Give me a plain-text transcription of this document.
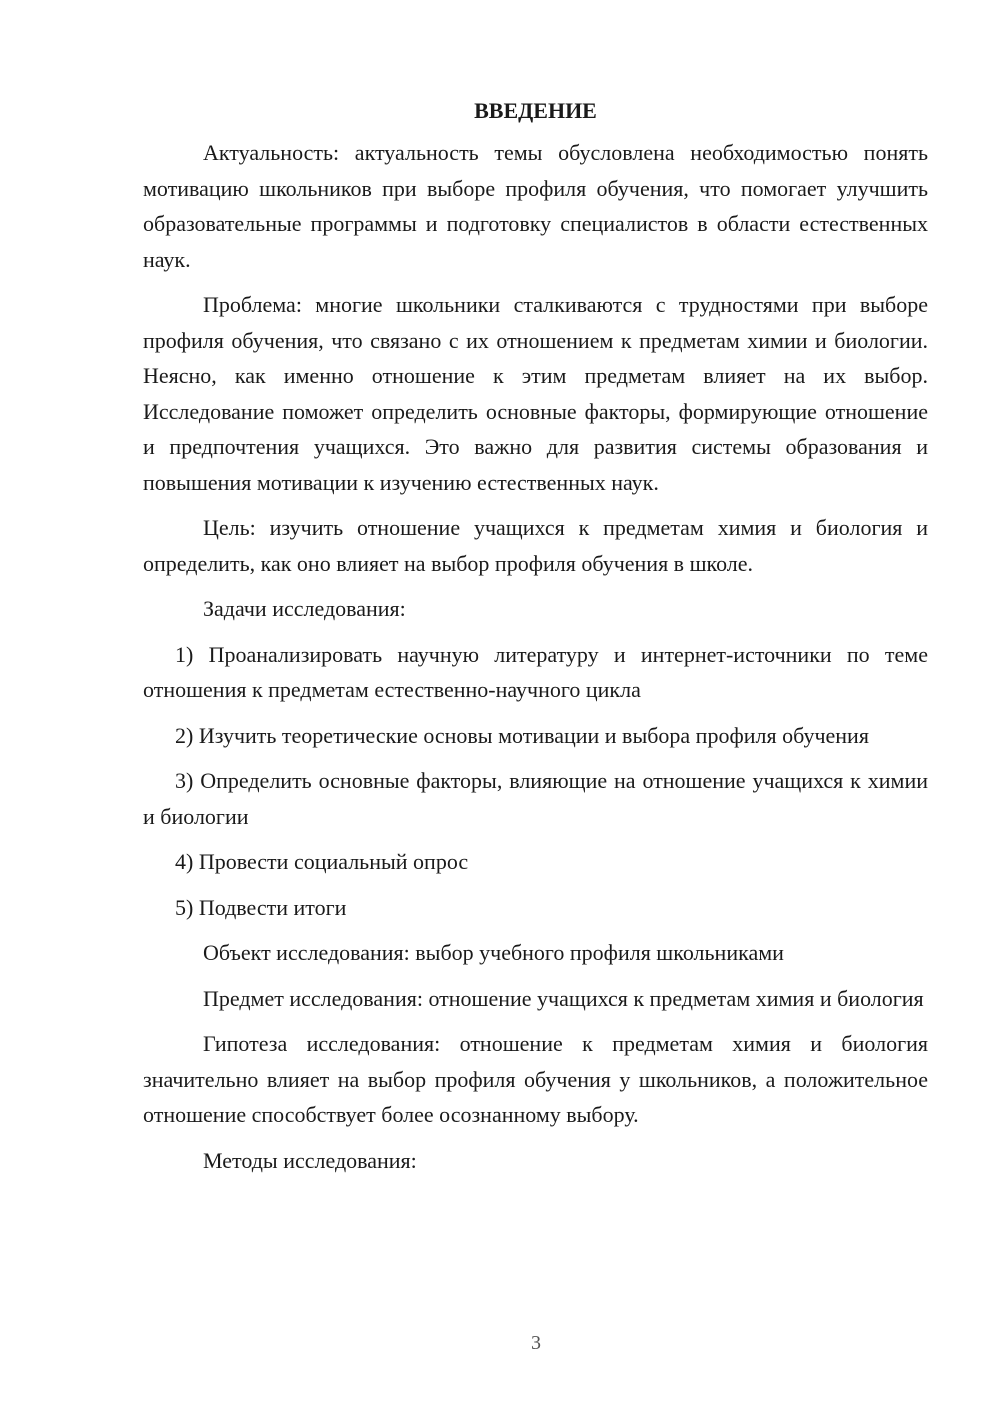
ВВЕДЕНИЕ

Актуальность: актуальность темы обусловлена необходимостью понять мотивацию школьников при выборе профиля обучения, что помогает улучшить образовательные программы и подготовку специалистов в области естественных наук.

Проблема: многие школьники сталкиваются с трудностями при выборе профиля обучения, что связано с их отношением к предметам химии и биологии. Неясно, как именно отношение к этим предметам влияет на их выбор. Исследование поможет определить основные факторы, формирующие отношение и предпочтения учащихся. Это важно для развития системы образования и повышения мотивации к изучению естественных наук.

Цель: изучить отношение учащихся к предметам химия и биология и определить, как оно влияет на выбор профиля обучения в школе.

Задачи исследования:

1) Проанализировать научную литературу и интернет-источники по теме отношения к предметам естественно-научного цикла

2) Изучить теоретические основы мотивации и выбора профиля обучения

3) Определить основные факторы, влияющие на отношение учащихся к химии и биологии

4) Провести социальный опрос

5) Подвести итоги

Объект исследования: выбор учебного профиля школьниками

Предмет исследования: отношение учащихся к предметам химия и биология

Гипотеза исследования: отношение к предметам химия и биология значительно влияет на выбор профиля обучения у школьников, а положительное отношение способствует более осознанному выбору.

Методы исследования:

3
